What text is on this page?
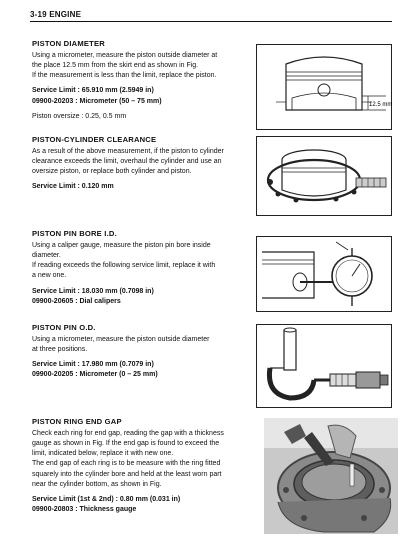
3-19 ENGINE
PISTON DIAMETER

Using a micrometer, measure the piston outside diameter at

the place 12.5 mm from the skirt end as shown in Fig.

If the measurement is less than the limit, replace the piston.

Service Limit : 65.910 mm (2.5949 in)
09900-20203 : Micrometer (50 – 75 mm)
Piston oversize : 0.25, 0.5 mm
12.5 mm
PISTON-CYLINDER CLEARANCE

As a result of the above measurement, if the piston to cylinder

clearance exceeds the limit, overhaul the cylinder and use an

oversize piston, or replace both cylinder and piston.

Service Limit : 0.120 mm
PISTON PIN BORE I.D.

Using a caliper gauge, measure the piston pin bore inside

diameter.

If reading exceeds the following service limit, replace it with

a new one.

Service Limit : 18.030 mm (0.7098 in)
09900-20605 : Dial calipers
PISTON PIN O.D.

Using a micrometer, measure the piston outside diameter

at three positions.

Service Limit : 17.980 mm (0.7079 in)
09900-20205 : Micrometer (0 – 25 mm)
PISTON RING END GAP

Check each ring for end gap, reading the gap with a thickness

gauge as shown in Fig. If the end gap is found to exceed the

limit, indicated below, replace it with new one.

The end gap of each ring is to be measure with the ring fitted

squarely into the cylinder bore and held at the least worn part

near the cylinder bottom, as shown in Fig.

Service Limit (1st & 2nd) : 0.80 mm (0.031 in)
09900-20803 : Thickness gauge
